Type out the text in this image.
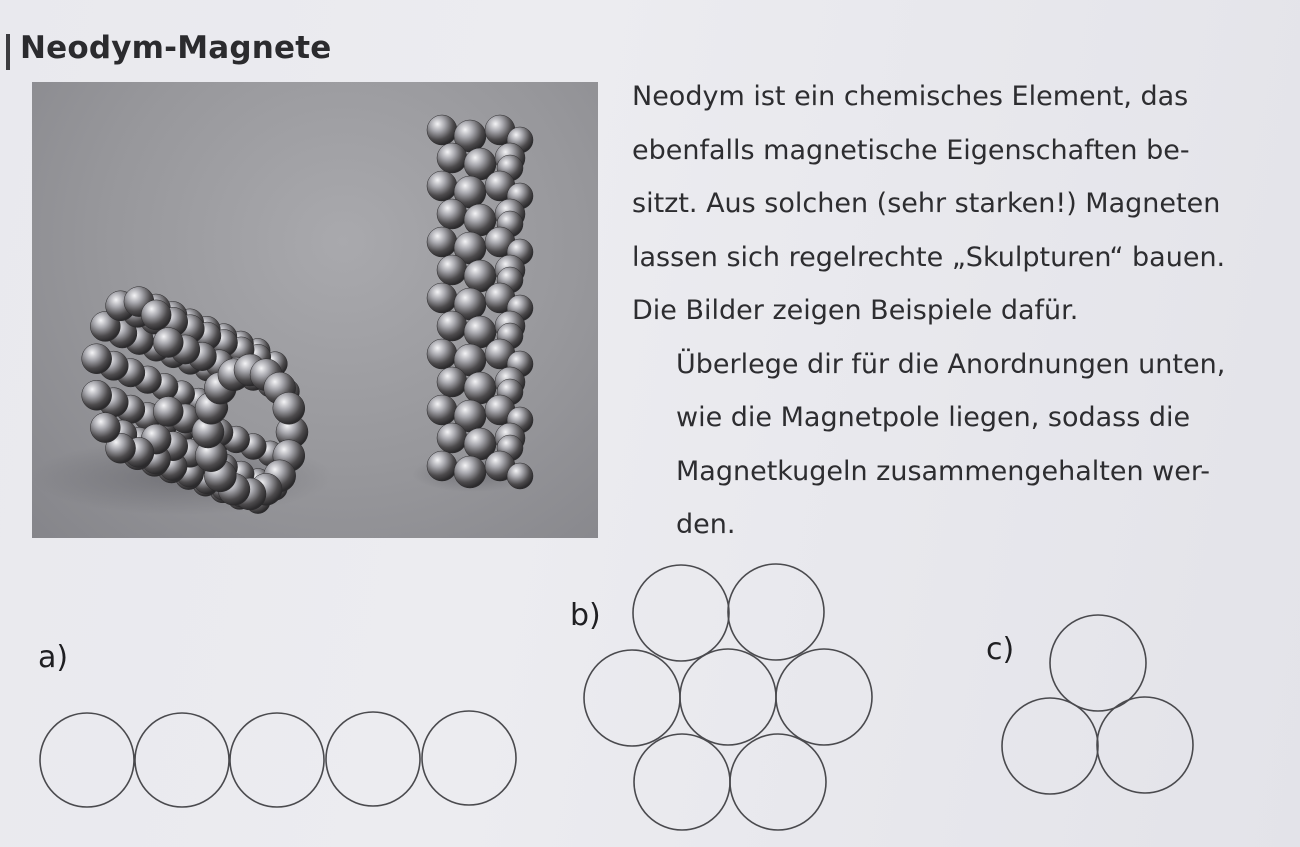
Neodym-Magnete

Neodym ist ein chemisches Element, das
ebenfalls magnetische Eigenschaften be-
sitzt. Aus solchen (sehr starken!) Magneten
lassen sich regelrechte „Skulpturen“ bauen.
Die Bilder zeigen Beispiele dafür.

Überlege dir für die Anordnungen unten,
wie die Magnetpole liegen, sodass die
Magnetkugeln zusammengehalten wer-
den.

a)
b)
c)
